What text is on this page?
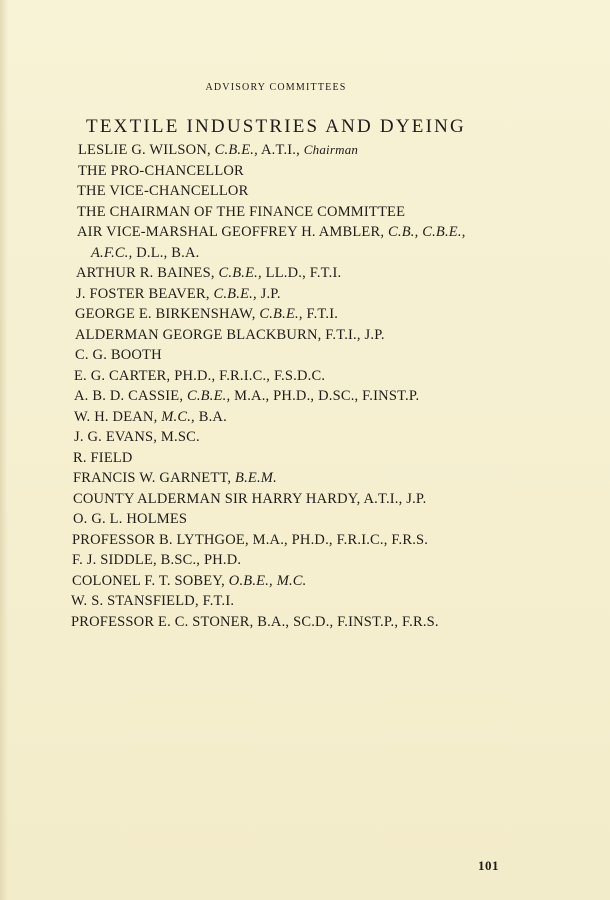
ADVISORY COMMITTEES
TEXTILE INDUSTRIES AND DYEING
LESLIE G. WILSON, C.B.E., A.T.I., Chairman
THE PRO-CHANCELLOR
THE VICE-CHANCELLOR
THE CHAIRMAN OF THE FINANCE COMMITTEE
AIR VICE-MARSHAL GEOFFREY H. AMBLER, C.B., C.B.E.,
A.F.C., D.L., B.A.
ARTHUR R. BAINES, C.B.E., LL.D., F.T.I.
J. FOSTER BEAVER, C.B.E., J.P.
GEORGE E. BIRKENSHAW, C.B.E., F.T.I.
ALDERMAN GEORGE BLACKBURN, F.T.I., J.P.
C. G. BOOTH
E. G. CARTER, PH.D., F.R.I.C., F.S.D.C.
A. B. D. CASSIE, C.B.E., M.A., PH.D., D.SC., F.INST.P.
W. H. DEAN, M.C., B.A.
J. G. EVANS, M.SC.
R. FIELD
FRANCIS W. GARNETT, B.E.M.
COUNTY ALDERMAN SIR HARRY HARDY, A.T.I., J.P.
O. G. L. HOLMES
PROFESSOR B. LYTHGOE, M.A., PH.D., F.R.I.C., F.R.S.
F. J. SIDDLE, B.SC., PH.D.
COLONEL F. T. SOBEY, O.B.E., M.C.
W. S. STANSFIELD, F.T.I.
PROFESSOR E. C. STONER, B.A., SC.D., F.INST.P., F.R.S.
101
